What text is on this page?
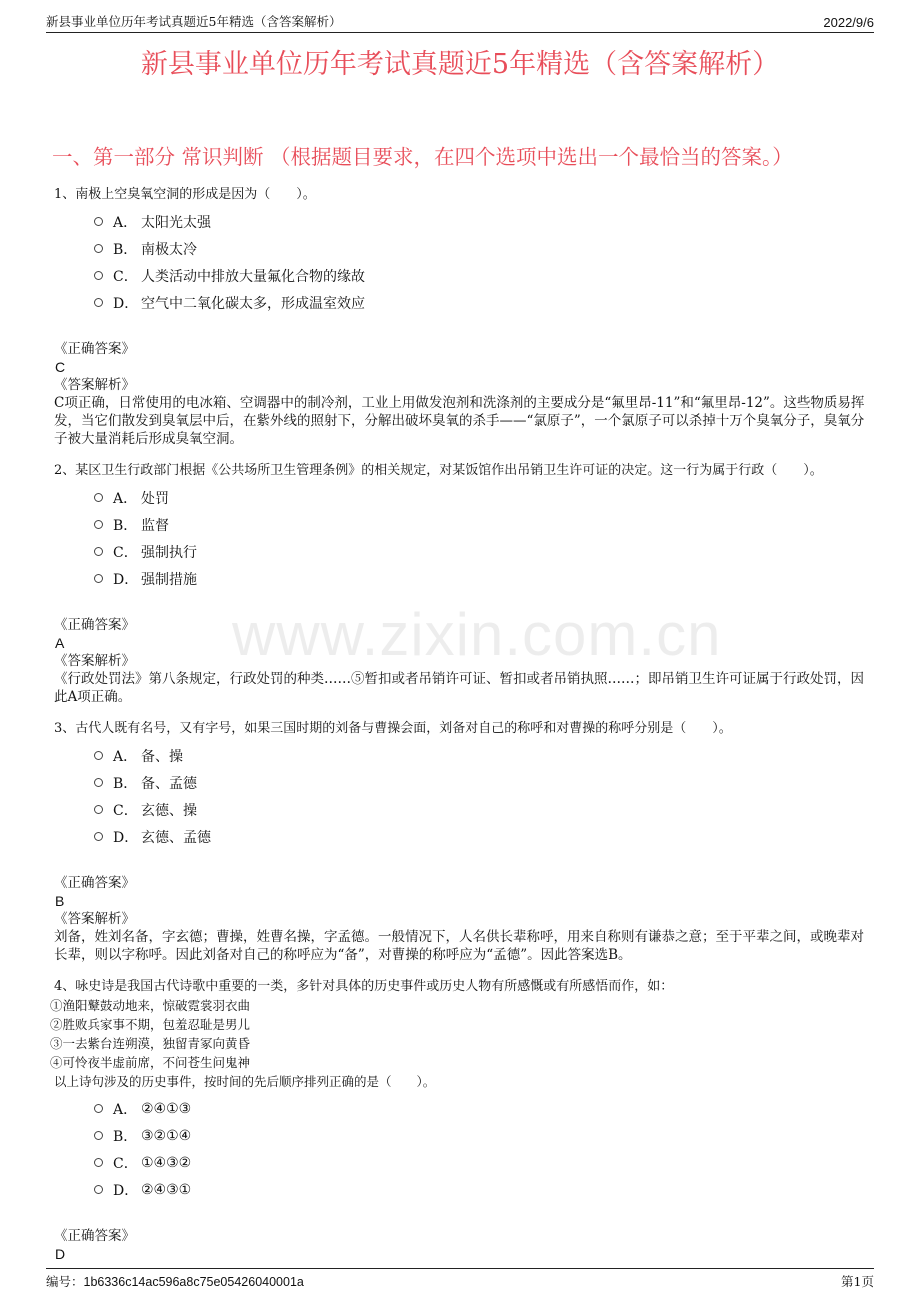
新县事业单位历年考试真题近5年精选（含答案解析）	2022/9/6
新县事业单位历年考试真题近5年精选（含答案解析）
一、第一部分 常识判断 （根据题目要求，在四个选项中选出一个最恰当的答案。）
www.zixin.com.cn

1、南极上空臭氧空洞的形成是因为（　　）。

A． 太阳光太强
B． 南极太冷
C． 人类活动中排放大量氟化合物的缘故
D． 空气中二氧化碳太多，形成温室效应
《正确答案》
C
《答案解析》

C项正确，日常使用的电冰箱、空调器中的制冷剂，工业上用做发泡剂和洗涤剂的主要成分是“氟里昂-11”和“氟里昂-12”。这些物质易挥发，当它们散发到臭氧层中后，在紫外线的照射下，分解出破坏臭氧的杀手——“氯原子”，一个氯原子可以杀掉十万个臭氧分子，臭氧分子被大量消耗后形成臭氧空洞。

2、某区卫生行政部门根据《公共场所卫生管理条例》的相关规定，对某饭馆作出吊销卫生许可证的决定。这一行为属于行政（　　）。

A． 处罚
B． 监督
C． 强制执行
D． 强制措施
《正确答案》
A
《答案解析》

《行政处罚法》第八条规定，行政处罚的种类……⑤暂扣或者吊销许可证、暂扣或者吊销执照……；即吊销卫生许可证属于行政处罚，因此A项正确。

3、古代人既有名号，又有字号，如果三国时期的刘备与曹操会面，刘备对自己的称呼和对曹操的称呼分别是（　　）。

A． 备、操
B． 备、孟德
C． 玄德、操
D． 玄德、孟德
《正确答案》
B
《答案解析》

刘备，姓刘名备，字玄德；曹操，姓曹名操，字孟德。一般情况下，人名供长辈称呼，用来自称则有谦恭之意；至于平辈之间，或晚辈对长辈，则以字称呼。因此刘备对自己的称呼应为“备”，对曹操的称呼应为“孟德”。因此答案选B。

4、咏史诗是我国古代诗歌中重要的一类，多针对具体的历史事件或历史人物有所感慨或有所感悟而作，如：

①渔阳鼙鼓动地来，惊破霓裳羽衣曲
②胜败兵家事不期，包羞忍耻是男儿
③一去紫台连朔漠，独留青冢向黄昏
④可怜夜半虚前席，不问苍生问鬼神
以上诗句涉及的历史事件，按时间的先后顺序排列正确的是（　　）。
A． ②④①③
B． ③②①④
C． ①④③②
D． ②④③①
《正确答案》
D
编号：1b6336c14ac596a8c75e05426040001a	第1页
